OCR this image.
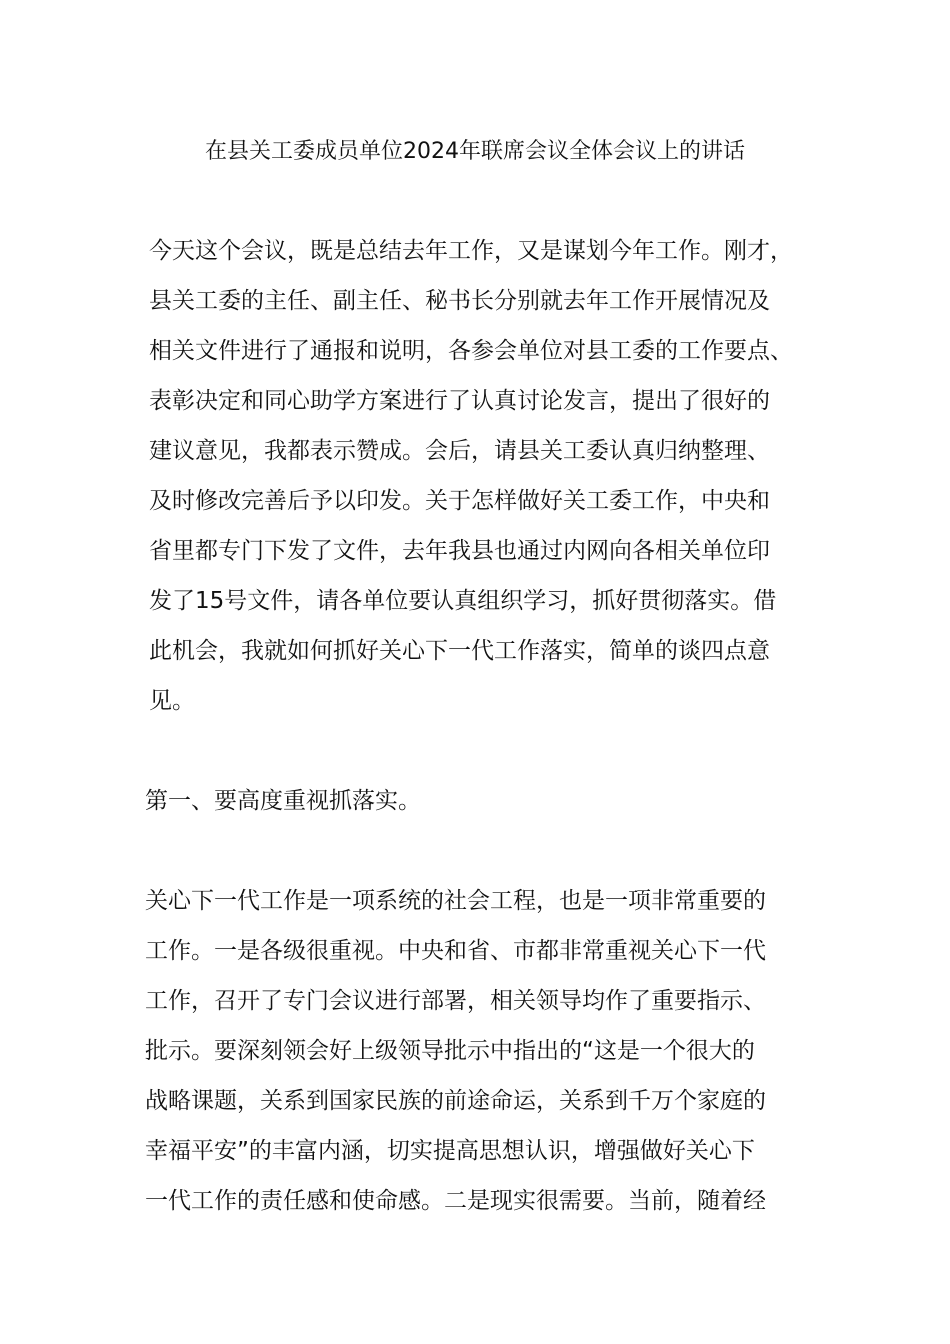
在县关工委成员单位2024年联席会议全体会议上的讲话

今天这个会议，既是总结去年工作，又是谋划今年工作。刚才，
县关工委的主任、副主任、秘书长分别就去年工作开展情况及
相关文件进行了通报和说明，各参会单位对县工委的工作要点、
表彰决定和同心助学方案进行了认真讨论发言，提出了很好的
建议意见，我都表示赞成。会后，请县关工委认真归纳整理、
及时修改完善后予以印发。关于怎样做好关工委工作，中央和
省里都专门下发了文件，去年我县也通过内网向各相关单位印
发了15号文件，请各单位要认真组织学习，抓好贯彻落实。借
此机会，我就如何抓好关心下一代工作落实，简单的谈四点意
见。

第一、要高度重视抓落实。

关心下一代工作是一项系统的社会工程，也是一项非常重要的
工作。一是各级很重视。中央和省、市都非常重视关心下一代
工作，召开了专门会议进行部署，相关领导均作了重要指示、
批示。要深刻领会好上级领导批示中指出的“这是一个很大的
战略课题，关系到国家民族的前途命运，关系到千万个家庭的
幸福平安”的丰富内涵，切实提高思想认识，增强做好关心下
一代工作的责任感和使命感。二是现实很需要。当前，随着经
